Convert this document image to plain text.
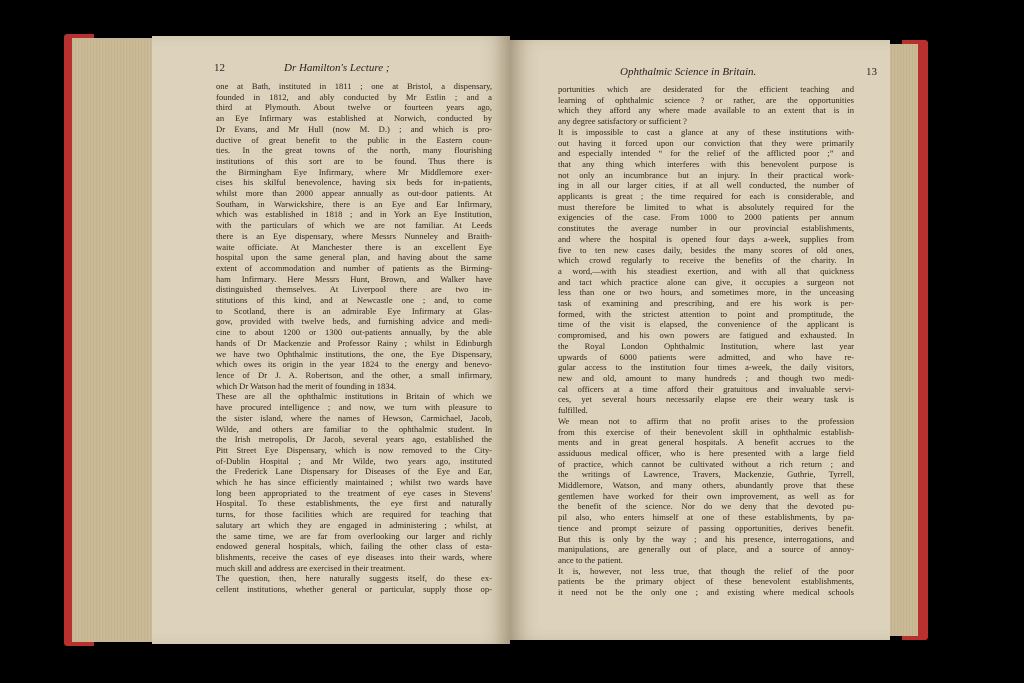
12	Dr Hamilton's Lecture ;
one at Bath, instituted in 1811 ; one at Bristol, a dispensary,
founded in 1812, and ably conducted by Mr Estlin ; and a
third at Plymouth. About twelve or fourteen years ago,
an Eye Infirmary was established at Norwich, conducted by
Dr Evans, and Mr Hull (now M. D.) ; and which is pro-
ductive of great benefit to the public in the Eastern coun-
ties. In the great towns of the north, many flourishing
institutions of this sort are to be found. Thus there is
the Birmingham Eye Infirmary, where Mr Middlemore exer-
cises his skilful benevolence, having six beds for in-patients,
whilst more than 2000 appear annually as out-door patients. At
Southam, in Warwickshire, there is an Eye and Ear Infirmary,
which was established in 1818 ; and in York an Eye Institution,
with the particulars of which we are not familiar. At Leeds
there is an Eye dispensary, where Messrs Nunneley and Braith-
waite officiate. At Manchester there is an excellent Eye
hospital upon the same general plan, and having about the same
extent of accommodation and number of patients as the Birming-
ham Infirmary. Here Messrs Hunt, Brown, and Walker have
distinguished themselves. At Liverpool there are two in-
stitutions of this kind, and at Newcastle one ; and, to come
to Scotland, there is an admirable Eye Infirmary at Glas-
gow, provided with twelve beds, and furnishing advice and medi-
cine to about 1200 or 1300 out-patients annually, by the able
hands of Dr Mackenzie and Professor Rainy ; whilst in Edinburgh
we have two Ophthalmic institutions, the one, the Eye Dispensary,
which owes its origin in the year 1824 to the energy and benevo-
lence of Dr J. A. Robertson, and the other, a small infirmary,
which Dr Watson had the merit of founding in 1834.
These are all the ophthalmic institutions in Britain of which we
have procured intelligence ; and now, we turn with pleasure to
the sister island, where the names of Hewson, Carmichael, Jacob,
Wilde, and others are familiar to the ophthalmic student. In
the Irish metropolis, Dr Jacob, several years ago, established the
Pitt Street Eye Dispensary, which is now removed to the City-
of-Dublin Hospital ; and Mr Wilde, two years ago, instituted
the Frederick Lane Dispensary for Diseases of the Eye and Ear,
which he has since efficiently maintained ; whilst two wards have
long been appropriated to the treatment of eye cases in Stevens'
Hospital. To these establishments, the eye first and naturally
turns, for those facilities which are required for teaching that
salutary art which they are engaged in administering ; whilst, at
the same time, we are far from overlooking our larger and richly
endowed general hospitals, which, failing the other class of esta-
blishments, receive the cases of eye diseases into their wards, where
much skill and address are exercised in their treatment.
The question, then, here naturally suggests itself, do these ex-
cellent institutions, whether general or particular, supply those op-
Ophthalmic Science in Britain.	13
portunities which are desiderated for the efficient teaching and
learning of ophthalmic science ? or rather, are the opportunities
which they afford any where made available to an extent that is in
any degree satisfactory or sufficient ?
It is impossible to cast a glance at any of these institutions with-
out having it forced upon our conviction that they were primarily
and especially intended “ for the relief of the afflicted poor ;” and
that any thing which interferes with this benevolent purpose is
not only an incumbrance but an injury. In their practical work-
ing in all our larger cities, if at all well conducted, the number of
applicants is great ; the time required for each is considerable, and
must therefore be limited to what is absolutely required for the
exigencies of the case. From 1000 to 2000 patients per annum
constitutes the average number in our provincial establishments,
and where the hospital is opened four days a-week, supplies from
five to ten new cases daily, besides the many scores of old ones,
which crowd regularly to receive the benefits of the charity. In
a word,—with his steadiest exertion, and with all that quickness
and tact which practice alone can give, it occupies a surgeon not
less than one or two hours, and sometimes more, in the unceasing
task of examining and prescribing, and ere his work is per-
formed, with the strictest attention to point and promptitude, the
time of the visit is elapsed, the convenience of the applicant is
compromised, and his own powers are fatigued and exhausted. In
the Royal London Ophthalmic Institution, where last year
upwards of 6000 patients were admitted, and who have re-
gular access to the institution four times a-week, the daily visitors,
new and old, amount to many hundreds ; and though two medi-
cal officers at a time afford their gratuitous and invaluable servi-
ces, yet several hours necessarily elapse ere their weary task is
fulfilled.
We mean not to affirm that no profit arises to the profession
from this exercise of their benevolent skill in ophthalmic establish-
ments and in great general hospitals. A benefit accrues to the
assiduous medical officer, who is here presented with a large field
of practice, which cannot be cultivated without a rich return ; and
the writings of Lawrence, Travers, Mackenzie, Guthrie, Tyrrell,
Middlemore, Watson, and many others, abundantly prove that these
gentlemen have worked for their own improvement, as well as for
the benefit of the science. Nor do we deny that the devoted pu-
pil also, who enters himself at one of these establishments, by pa-
tience and prompt seizure of passing opportunities, derives benefit.
But this is only by the way ; and his presence, interrogations, and
manipulations, are generally out of place, and a source of annoy-
ance to the patient.
It is, however, not less true, that though the relief of the poor
patients be the primary object of these benevolent establishments,
it need not be the only one ; and existing where medical schools
